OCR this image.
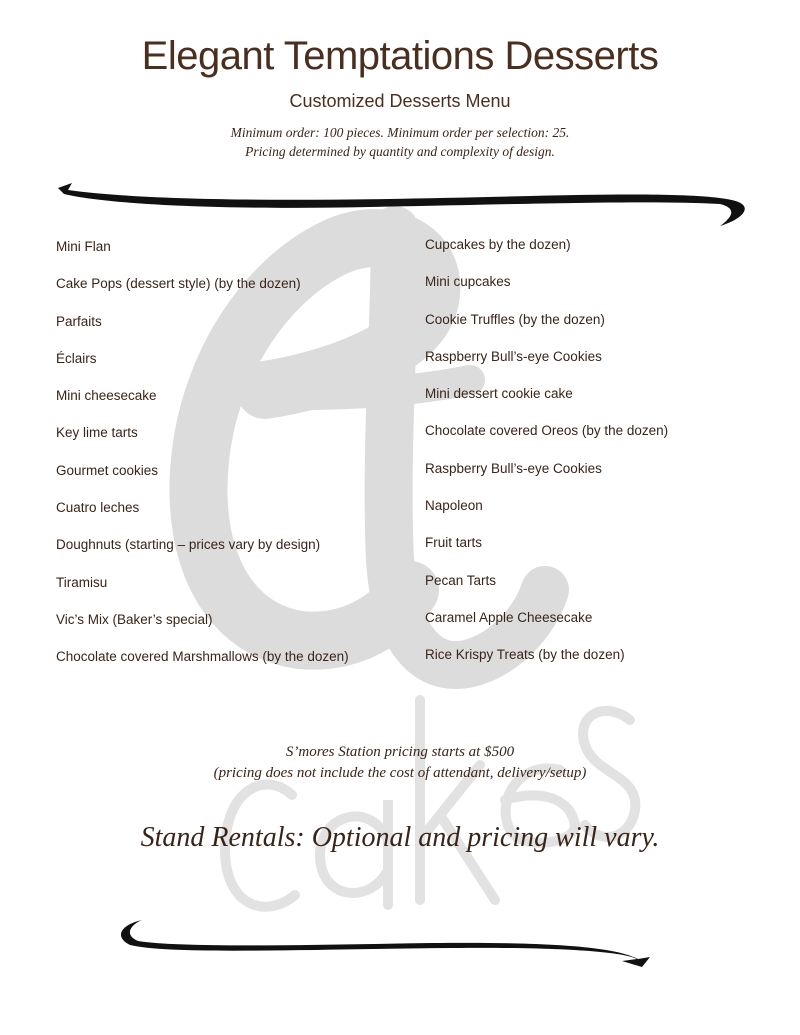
Elegant Temptations Desserts
Customized Desserts Menu
Minimum order: 100 pieces. Minimum order per selection: 25.
Pricing determined by quantity and complexity of design.
Mini Flan
Cake Pops (dessert style) (by the dozen)
Parfaits
Éclairs
Mini cheesecake
Key lime tarts
Gourmet cookies
Cuatro leches
Doughnuts (starting – prices vary by design)
Tiramisu
Vic’s Mix (Baker’s special)
Chocolate covered Marshmallows (by the dozen)
Cupcakes by the dozen)
Mini cupcakes
Cookie Truffles (by the dozen)
Raspberry Bull’s-eye Cookies
Mini dessert cookie cake
Chocolate covered Oreos (by the dozen)
Raspberry Bull’s-eye Cookies
Napoleon
Fruit tarts
Pecan Tarts
Caramel Apple Cheesecake
Rice Krispy Treats (by the dozen)
S’mores Station pricing starts at $500
(pricing does not include the cost of attendant, delivery/setup)
Stand Rentals: Optional and pricing will vary.
